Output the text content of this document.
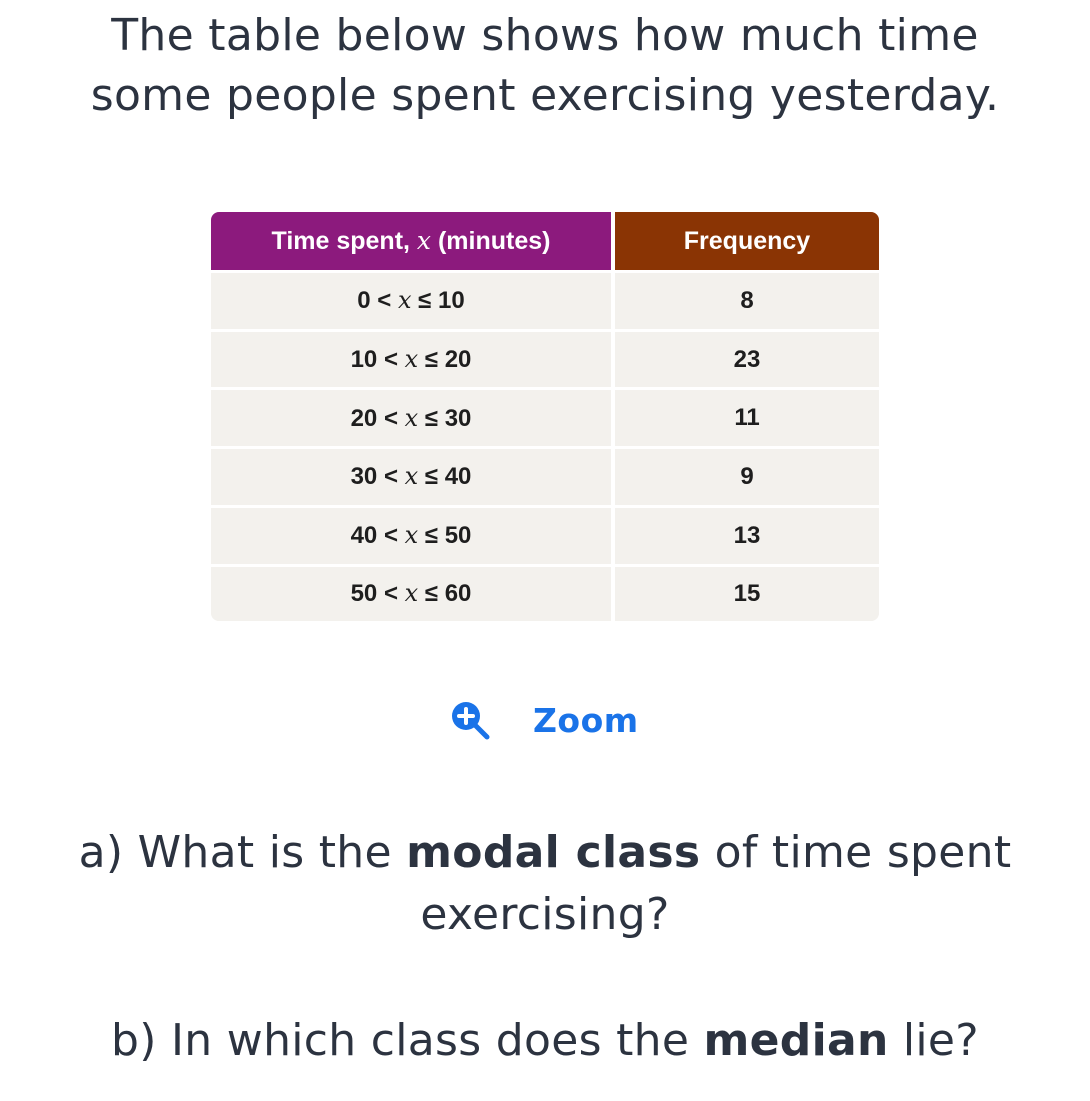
The table below shows how much time
some people spent exercising yesterday.
Time spent, x (minutes)	Frequency
0 < x ≤ 10	8
10 < x ≤ 20	23
20 < x ≤ 30	11
30 < x ≤ 40	9
40 < x ≤ 50	13
50 < x ≤ 60	15
Zoom

a) What is the modal class of time spent
exercising?

b) In which class does the median lie?
